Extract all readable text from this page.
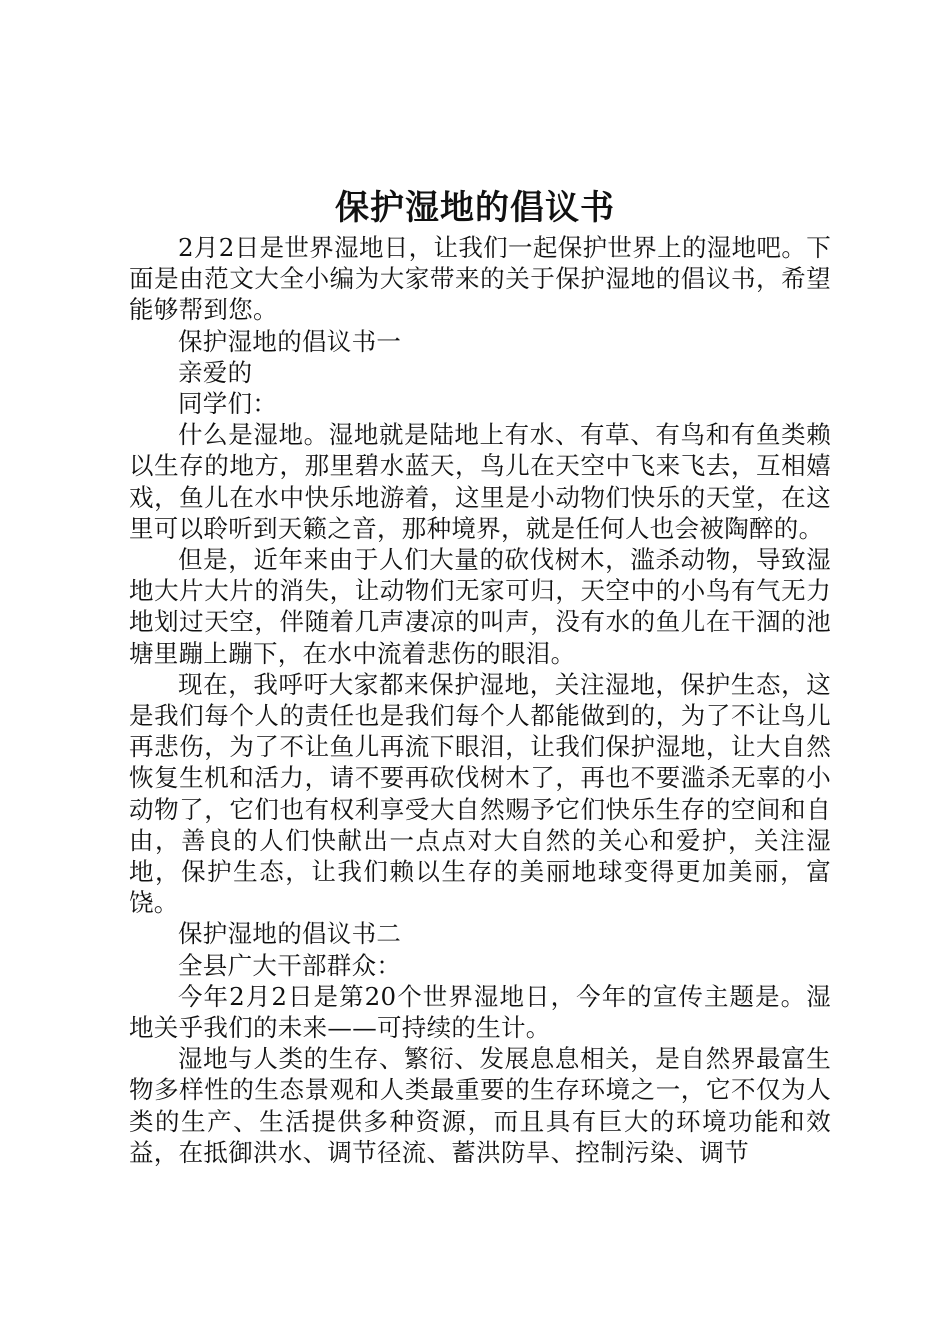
保护湿地的倡议书

2月2日是世界湿地日，让我们一起保护世界上的湿地吧。下面是由范文大全小编为大家带来的关于保护湿地的倡议书，希望能够帮到您。

保护湿地的倡议书一

亲爱的

同学们：

什么是湿地。湿地就是陆地上有水、有草、有鸟和有鱼类赖以生存的地方，那里碧水蓝天，鸟儿在天空中飞来飞去，互相嬉戏，鱼儿在水中快乐地游着，这里是小动物们快乐的天堂，在这里可以聆听到天籁之音，那种境界，就是任何人也会被陶醉的。

但是，近年来由于人们大量的砍伐树木，滥杀动物，导致湿地大片大片的消失，让动物们无家可归，天空中的小鸟有气无力地划过天空，伴随着几声凄凉的叫声，没有水的鱼儿在干涸的池塘里蹦上蹦下，在水中流着悲伤的眼泪。

现在，我呼吁大家都来保护湿地，关注湿地，保护生态，这是我们每个人的责任也是我们每个人都能做到的，为了不让鸟儿再悲伤，为了不让鱼儿再流下眼泪，让我们保护湿地，让大自然恢复生机和活力，请不要再砍伐树木了，再也不要滥杀无辜的小动物了，它们也有权利享受大自然赐予它们快乐生存的空间和自由，善良的人们快献出一点点对大自然的关心和爱护，关注湿地，保护生态，让我们赖以生存的美丽地球变得更加美丽，富饶。

保护湿地的倡议书二

全县广大干部群众：

今年2月2日是第20个世界湿地日，今年的宣传主题是。湿地关乎我们的未来——可持续的生计。

湿地与人类的生存、繁衍、发展息息相关，是自然界最富生物多样性的生态景观和人类最重要的生存环境之一，它不仅为人类的生产、生活提供多种资源，而且具有巨大的环境功能和效益，在抵御洪水、调节径流、蓄洪防旱、控制污染、调节
